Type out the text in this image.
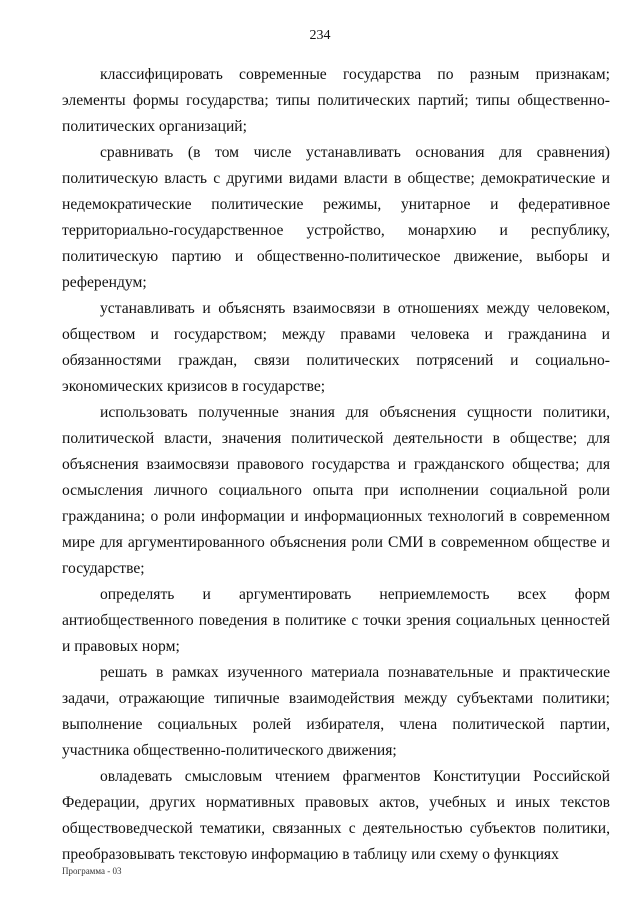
234

классифицировать современные государства по разным признакам; элементы формы государства; типы политических партий; типы общественно-политических организаций;

сравнивать (в том числе устанавливать основания для сравнения) политическую власть с другими видами власти в обществе; демократические и недемократические политические режимы, унитарное и федеративное территориально-государственное устройство, монархию и республику, политическую партию и общественно-политическое движение, выборы и референдум;

устанавливать и объяснять взаимосвязи в отношениях между человеком, обществом и государством; между правами человека и гражданина и обязанностями граждан, связи политических потрясений и социально-экономических кризисов в государстве;

использовать полученные знания для объяснения сущности политики, политической власти, значения политической деятельности в обществе; для объяснения взаимосвязи правового государства и гражданского общества; для осмысления личного социального опыта при исполнении социальной роли гражданина; о роли информации и информационных технологий в современном мире для аргументированного объяснения роли СМИ в современном обществе и государстве;

определять и аргументировать неприемлемость всех форм антиобщественного поведения в политике с точки зрения социальных ценностей и правовых норм;

решать в рамках изученного материала познавательные и практические задачи, отражающие типичные взаимодействия между субъектами политики; выполнение социальных ролей избирателя, члена политической партии, участника общественно-политического движения;

овладевать смысловым чтением фрагментов Конституции Российской Федерации, других нормативных правовых актов, учебных и иных текстов обществоведческой тематики, связанных с деятельностью субъектов политики, преобразовывать текстовую информацию в таблицу или схему о функциях

Программа - 03
